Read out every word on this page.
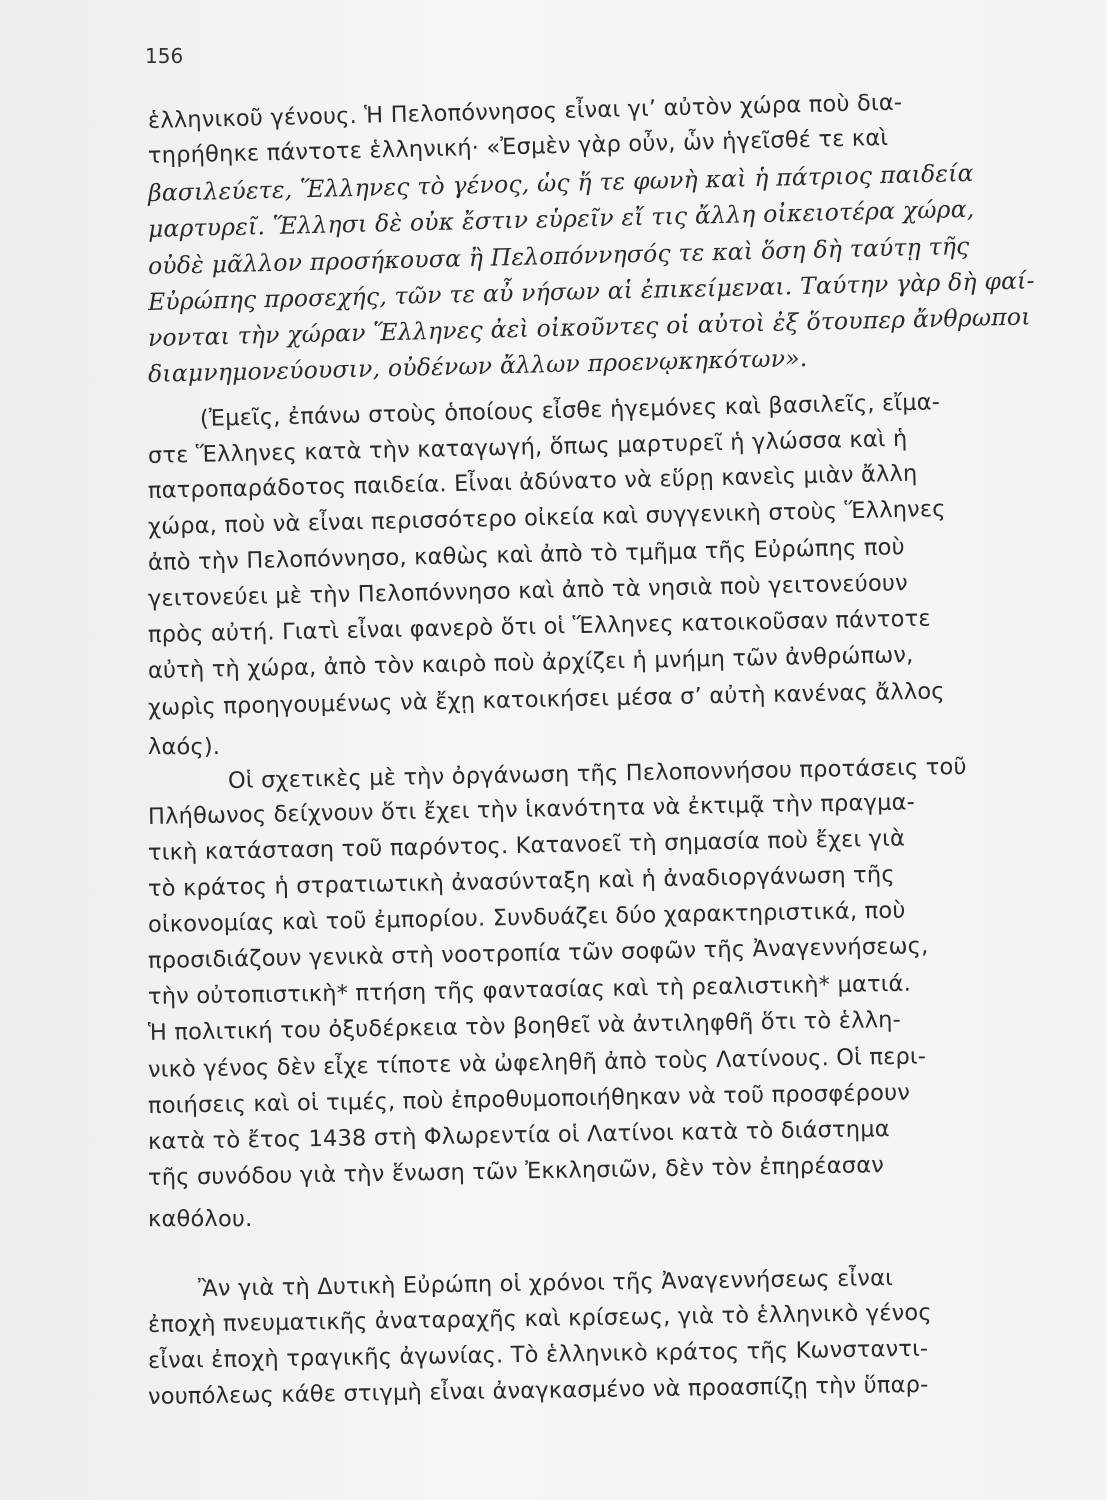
156
ἑλληνικοῦ γένους. Ἡ Πελοπόννησος εἶναι γι’ αὐτὸν χώρα ποὺ δια-
τηρήθηκε πάντοτε ἑλληνική· «Ἐσμὲν γὰρ οὖν, ὧν ἡγεῖσθέ τε καὶ
βασιλεύετε, Ἕλληνες τὸ γένος, ὡς ἥ τε φωνὴ καὶ ἡ πάτριος παιδεία
μαρτυρεῖ. Ἕλλησι δὲ οὐκ ἔστιν εὑρεῖν εἴ τις ἄλλη οἰκειοτέρα χώρα,
οὐδὲ μᾶλλον προσήκουσα ἢ Πελοπόννησός τε καὶ ὅση δὴ ταύτῃ τῆς
Εὐρώπης προσεχής, τῶν τε αὖ νήσων αἱ ἐπικείμεναι. Ταύτην γὰρ δὴ φαί-
νονται τὴν χώραν Ἕλληνες ἀεὶ οἰκοῦντες οἱ αὐτοὶ ἐξ ὅτουπερ ἄνθρωποι
διαμνημονεύουσιν, οὐδένων ἄλλων προενῳκηκότων».
(Ἐμεῖς, ἐπάνω στοὺς ὁποίους εἶσθε ἡγεμόνες καὶ βασιλεῖς, εἴμα-
στε Ἕλληνες κατὰ τὴν καταγωγή, ὅπως μαρτυρεῖ ἡ γλώσσα καὶ ἡ
πατροπαράδοτος παιδεία. Εἶναι ἀδύνατο νὰ εὕρῃ κανεὶς μιὰν ἄλλη
χώρα, ποὺ νὰ εἶναι περισσότερο οἰκεία καὶ συγγενικὴ στοὺς Ἕλληνες
ἀπὸ τὴν Πελοπόννησο, καθὼς καὶ ἀπὸ τὸ τμῆμα τῆς Εὐρώπης ποὺ
γειτονεύει μὲ τὴν Πελοπόννησο καὶ ἀπὸ τὰ νησιὰ ποὺ γειτονεύουν
πρὸς αὐτή. Γιατὶ εἶναι φανερὸ ὅτι οἱ Ἕλληνες κατοικοῦσαν πάντοτε
αὐτὴ τὴ χώρα, ἀπὸ τὸν καιρὸ ποὺ ἀρχίζει ἡ μνήμη τῶν ἀνθρώπων,
χωρὶς προηγουμένως νὰ ἔχῃ κατοικήσει μέσα σ’ αὐτὴ κανένας ἄλλος
λαός).
Οἱ σχετικὲς μὲ τὴν ὀργάνωση τῆς Πελοποννήσου προτάσεις τοῦ
Πλήθωνος δείχνουν ὅτι ἔχει τὴν ἱκανότητα νὰ ἐκτιμᾷ τὴν πραγμα-
τικὴ κατάσταση τοῦ παρόντος. Κατανοεῖ τὴ σημασία ποὺ ἔχει γιὰ
τὸ κράτος ἡ στρατιωτικὴ ἀνασύνταξη καὶ ἡ ἀναδιοργάνωση τῆς
οἰκονομίας καὶ τοῦ ἐμπορίου. Συνδυάζει δύο χαρακτηριστικά, ποὺ
προσιδιάζουν γενικὰ στὴ νοοτροπία τῶν σοφῶν τῆς Ἀναγεννήσεως,
τὴν οὐτοπιστικὴ* πτήση τῆς φαντασίας καὶ τὴ ρεαλιστικὴ* ματιά.
Ἡ πολιτική του ὀξυδέρκεια τὸν βοηθεῖ νὰ ἀντιληφθῆ ὅτι τὸ ἑλλη-
νικὸ γένος δὲν εἶχε τίποτε νὰ ὠφεληθῆ ἀπὸ τοὺς Λατίνους. Οἱ περι-
ποιήσεις καὶ οἱ τιμές, ποὺ ἐπροθυμοποιήθηκαν νὰ τοῦ προσφέρουν
κατὰ τὸ ἔτος 1438 στὴ Φλωρεντία οἱ Λατίνοι κατὰ τὸ διάστημα
τῆς συνόδου γιὰ τὴν ἕνωση τῶν Ἐκκλησιῶν, δὲν τὸν ἐπηρέασαν
καθόλου.
Ἂν γιὰ τὴ Δυτικὴ Εὐρώπη οἱ χρόνοι τῆς Ἀναγεννήσεως εἶναι
ἐποχὴ πνευματικῆς ἀναταραχῆς καὶ κρίσεως, γιὰ τὸ ἑλληνικὸ γένος
εἶναι ἐποχὴ τραγικῆς ἀγωνίας. Τὸ ἑλληνικὸ κράτος τῆς Κωνσταντι-
νουπόλεως κάθε στιγμὴ εἶναι ἀναγκασμένο νὰ προασπίζῃ τὴν ὕπαρ-
